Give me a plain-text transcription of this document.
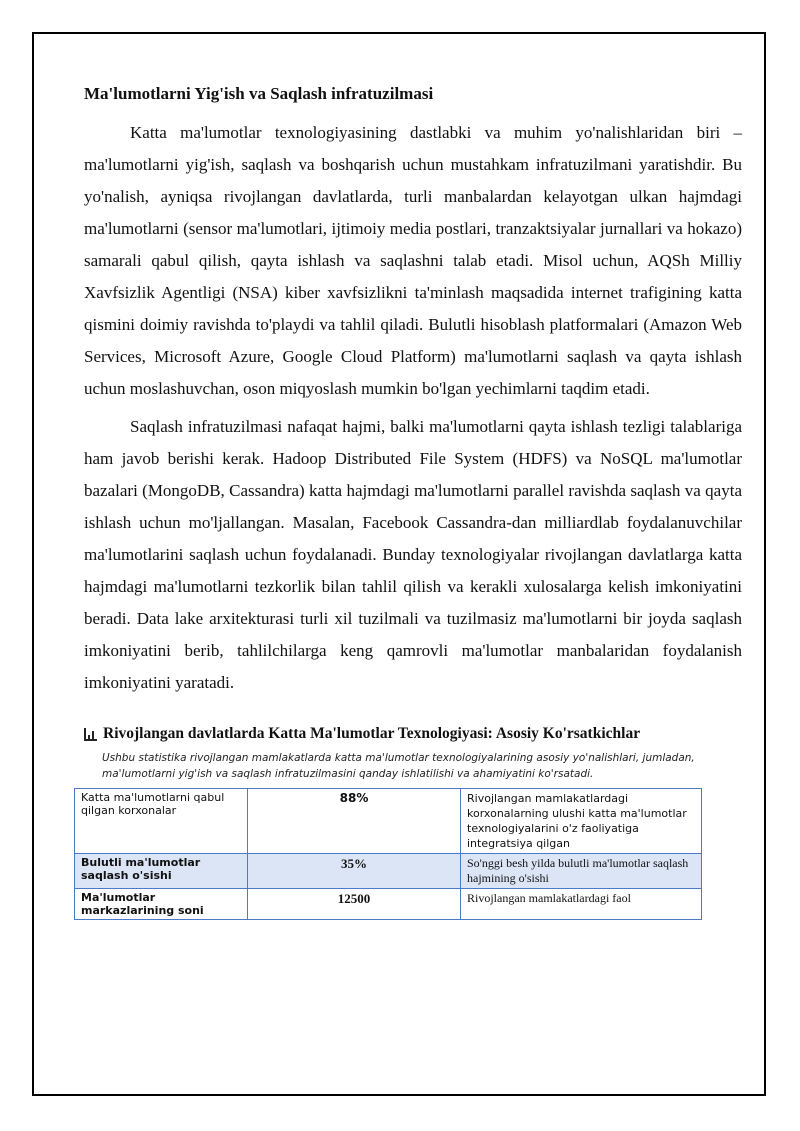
Ma'lumotlarni Yig'ish va Saqlash infratuzilmasi

Katta ma'lumotlar texnologiyasining dastlabki va muhim yo'nalishlaridan biri – ma'lumotlarni yig'ish, saqlash va boshqarish uchun mustahkam infratuzilmani yaratishdir. Bu yo'nalish, ayniqsa rivojlangan davlatlarda, turli manbalardan kelayotgan ulkan hajmdagi ma'lumotlarni (sensor ma'lumotlari, ijtimoiy media postlari, tranzaktsiyalar jurnallari va hokazo) samarali qabul qilish, qayta ishlash va saqlashni talab etadi. Misol uchun, AQSh Milliy Xavfsizlik Agentligi (NSA) kiber xavfsizlikni ta'minlash maqsadida internet trafigining katta qismini doimiy ravishda to'playdi va tahlil qiladi. Bulutli hisoblash platformalari (Amazon Web Services, Microsoft Azure, Google Cloud Platform) ma'lumotlarni saqlash va qayta ishlash uchun moslashuvchan, oson miqyoslash mumkin bo'lgan yechimlarni taqdim etadi.

Saqlash infratuzilmasi nafaqat hajmi, balki ma'lumotlarni qayta ishlash tezligi talablariga ham javob berishi kerak. Hadoop Distributed File System (HDFS) va NoSQL ma'lumotlar bazalari (MongoDB, Cassandra) katta hajmdagi ma'lumotlarni parallel ravishda saqlash va qayta ishlash uchun mo'ljallangan. Masalan, Facebook Cassandra-dan milliardlab foydalanuvchilar ma'lumotlarini saqlash uchun foydalanadi. Bunday texnologiyalar rivojlangan davlatlarga katta hajmdagi ma'lumotlarni tezkorlik bilan tahlil qilish va kerakli xulosalarga kelish imkoniyatini beradi. Data lake arxitekturasi turli xil tuzilmali va tuzilmasiz ma'lumotlarni bir joyda saqlash imkoniyatini berib, tahlilchilarga keng qamrovli ma'lumotlar manbalaridan foydalanish imkoniyatini yaratadi.

Rivojlangan davlatlarda Katta Ma'lumotlar Texnologiyasi: Asosiy Ko'rsatkichlar
Ushbu statistika rivojlangan mamlakatlarda katta ma'lumotlar texnologiyalarining asosiy yo'nalishlari, jumladan, ma'lumotlarni yig'ish va saqlash infratuzilmasini qanday ishlatilishi va ahamiyatini ko'rsatadi.
Katta ma'lumotlarni qabul qilgan korxonalar	88%	Rivojlangan mamlakatlardagi korxonalarning ulushi katta ma'lumotlar texnologiyalarini o'z faoliyatiga integratsiya qilgan
Bulutli ma'lumotlar saqlash o'sishi	35%	So'nggi besh yilda bulutli ma'lumotlar saqlash hajmining o'sishi
Ma'lumotlar markazlarining soni	12500	Rivojlangan mamlakatlardagi faol
